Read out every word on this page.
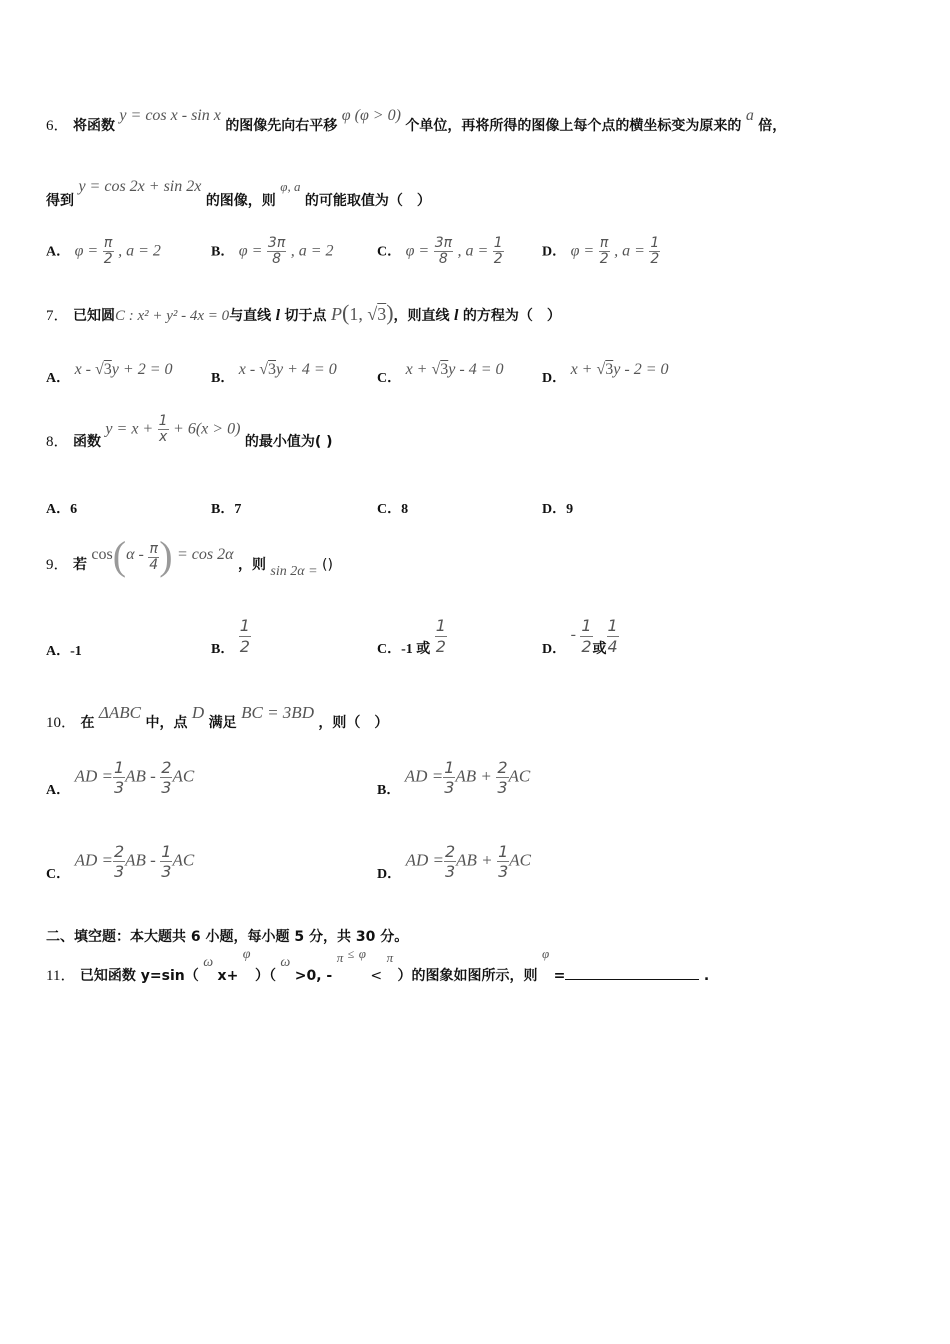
6． 将函数 y = cos x - sin x 的图像先向右平移 φ (φ > 0) 个单位，再将所得的图像上每个点的横坐标变为原来的 a 倍，
得到 y = cos 2x + sin 2x 的图像，则 φ, a 的可能取值为（　）
A． $\varphi = \frac{\pi}{2}$ , a = 2	B． $\varphi = \frac{3\pi}{8}$ , a = 2	C． $\varphi = \frac{3\pi}{8}$ , $a = \frac{1}{2}$	D． $\varphi = \frac{\pi}{2}$ , $a = \frac{1}{2}$
7． 已知圆C : x² + y² - 4x = 0与直线 l 切于点 P(1, √3)，则直线 l 的方程为（　）
A． x - √3y + 2 = 0
B． x - √3y + 4 = 0
C． x + √3y - 4 = 0
D． x + √3y - 2 = 0
8． 函数 $y = x + \frac{1}{x} + 6(x > 0)$ 的最小值为( )
A．6	B．7	C．8	D．9
9． 若 $\cos(\alpha - \frac{\pi}{4}$ ) = cos 2α ，则 sin 2α = ()
A．-1	B． $\frac{1}{2}$	C．-1 或 $\frac{1}{2}$	D． - $\frac{1}{2}$ 或 $\frac{1}{4}$
10． 在 ΔABC 中，点 D 满足 BC = 3BD ，则（　）
A． AD = $\frac{1}{3}$ AB - $\frac{2}{3}$ AC
B． AD = $\frac{1}{3}$ AB + $\frac{2}{3}$ AC
C． AD = $\frac{2}{3}$ AB - $\frac{1}{3}$ AC
D． AD = $\frac{2}{3}$ AB + $\frac{1}{3}$ AC
二、填空题：本大题共 6 小题，每小题 5 分，共 30 分。
11． 已知函数 y=sin（ ω x+ φ ）（ ω >0, - π ≤ φ < π ）的图象如图所示，则 φ =	.
